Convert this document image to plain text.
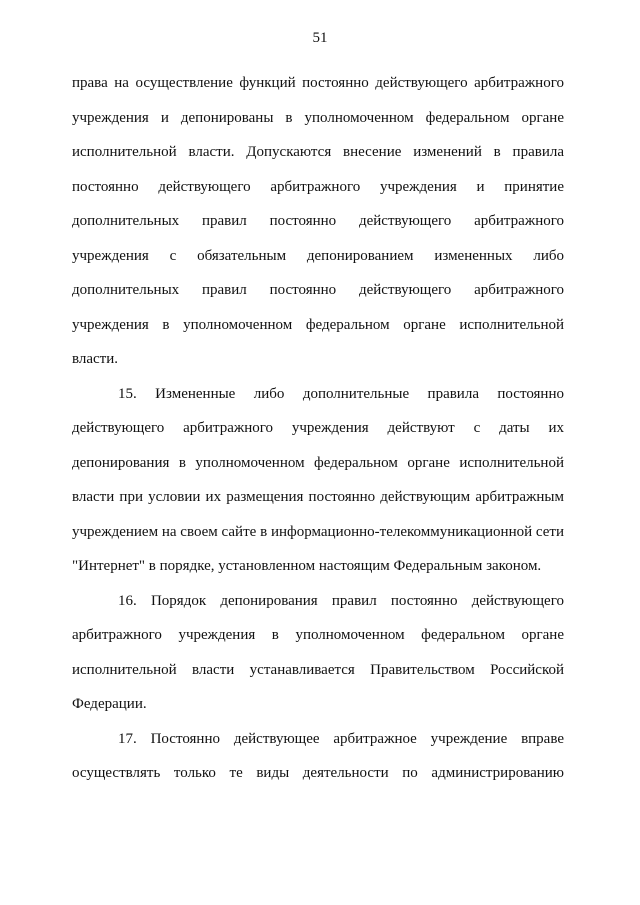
51

права на осуществление функций постоянно действующего арбитражного учреждения и депонированы в уполномоченном федеральном органе исполнительной власти. Допускаются внесение изменений в правила постоянно действующего арбитражного учреждения и принятие дополнительных правил постоянно действующего арбитражного учреждения с обязательным депонированием измененных либо дополнительных правил постоянно действующего арбитражного учреждения в уполномоченном федеральном органе исполнительной власти.

15. Измененные либо дополнительные правила постоянно действующего арбитражного учреждения действуют с даты их депонирования в уполномоченном федеральном органе исполнительной власти при условии их размещения постоянно действующим арбитражным учреждением на своем сайте в информационно-телекоммуникационной сети "Интернет" в порядке, установленном настоящим Федеральным законом.

16. Порядок депонирования правил постоянно действующего арбитражного учреждения в уполномоченном федеральном органе исполнительной власти устанавливается Правительством Российской Федерации.

17. Постоянно действующее арбитражное учреждение вправе осуществлять только те виды деятельности по администрированию
